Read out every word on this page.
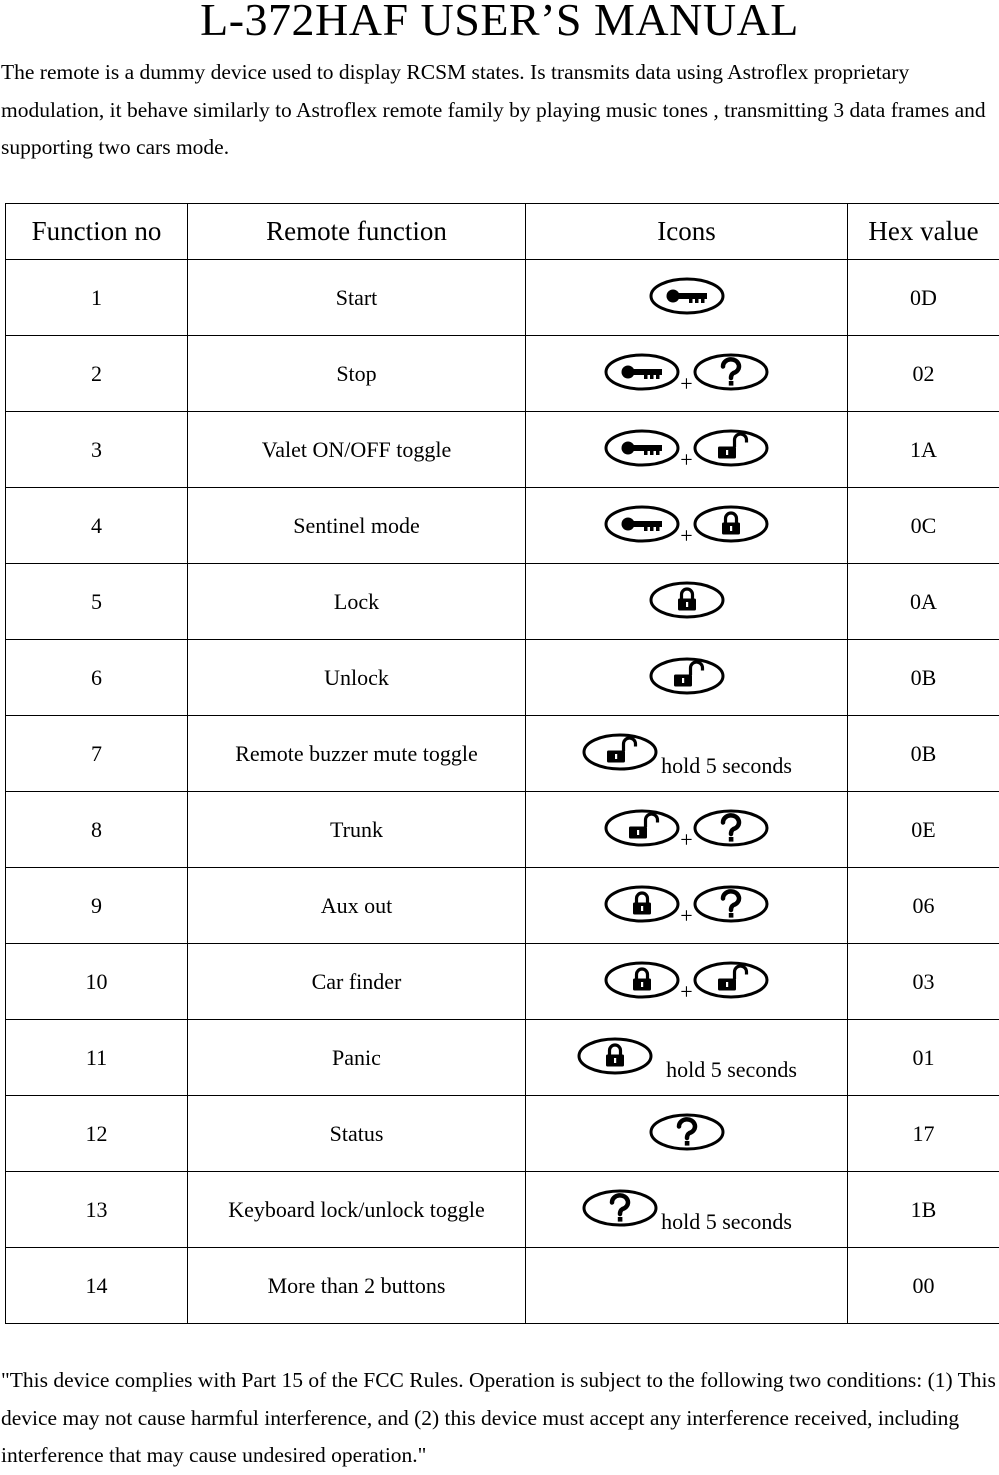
L-372HAF USER’S MANUAL
The remote is a dummy device used to display RCSM states. Is transmits data using Astroflex proprietary modulation, it behave similarly to Astroflex remote family by playing music tones , transmitting 3 data frames and supporting two cars mode.
Function no	Remote function	Icons	Hex value
1	Start		0D
2	Stop	+	02
3	Valet ON/OFF toggle	+	1A
4	Sentinel mode	+	0C
5	Lock		0A
6	Unlock		0B
7	Remote buzzer mute toggle	hold 5 seconds	0B
8	Trunk	+	0E
9	Aux out	+	06
10	Car finder	+	03
11	Panic	hold 5 seconds	01
12	Status		17
13	Keyboard lock/unlock toggle	hold 5 seconds	1B
14	More than 2 buttons		00
"This device complies with Part 15 of the FCC Rules. Operation is subject to the following two conditions: (1) This device may not cause harmful interference, and (2) this device must accept any interference received, including interference that may cause undesired operation."
